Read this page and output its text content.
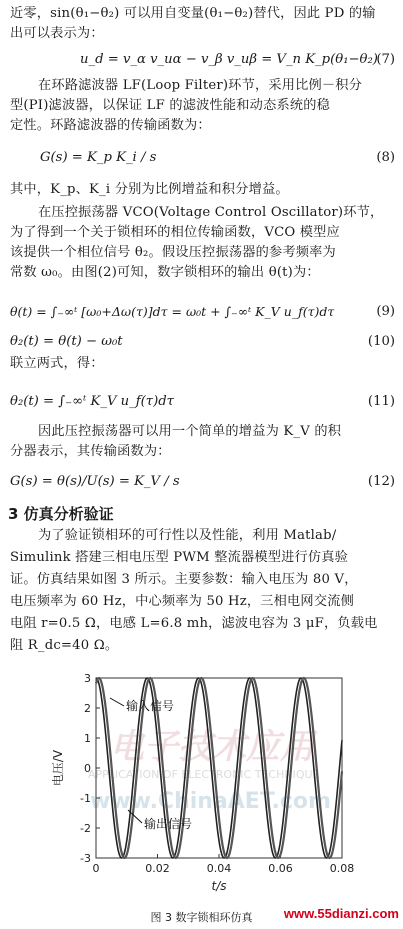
近零，sin(θ₁−θ₂) 可以用自变量(θ₁−θ₂)替代，因此 PD 的输
出可以表示为：
u_d = v_α v_uα − v_β v_uβ = V_n K_p(θ₁−θ₂)
(7)
在环路滤波器 LF(Loop Filter)环节，采用比例－积分
型(PI)滤波器，以保证 LF 的滤波性能和动态系统的稳
定性。环路滤波器的传输函数为：
G(s) = K_p K_i / s	(8)
其中，K_p、K_i 分别为比例增益和积分增益。
在压控振荡器 VCO(Voltage Control Oscillator)环节，
为了得到一个关于锁相环的相位传输函数，VCO 模型应
该提供一个相位信号 θ₂。假设压控振荡器的参考频率为
常数 ω₀。由图(2)可知，数字锁相环的输出 θ(t)为：
θ(t) = ∫₋∞ᵗ [ω₀+Δω(τ)]dτ = ω₀t + ∫₋∞ᵗ K_V u_f(τ)dτ	(9)
θ₂(t) = θ(t) − ω₀t	(10)
联立两式，得：
θ₂(t) = ∫₋∞ᵗ K_V u_f(τ)dτ	(11)
因此压控振荡器可以用一个简单的增益为 K_V 的积
分器表示，其传输函数为：
G(s) = θ(s)/U(s) = K_V / s	(12)
3 仿真分析验证
为了验证锁相环的可行性以及性能，利用 Matlab/
Simulink 搭建三相电压型 PWM 整流器模型进行仿真验
证。仿真结果如图 3 所示。主要参数：输入电压为 80 V，
电压频率为 60 Hz，中心频率为 50 Hz，三相电网交流侧
电阻 r=0.5 Ω，电感 L=6.8 mh，滤波电容为 3 μF，负载电
阻 R_dc=40 Ω。
电子技术应用
APPLICATION OF ELECTRONIC TECHNIQUE
www.ChinaAET.com
0	0.02	0.04	0.06	0.08
3
2
1
0
-1
-2
-3
输入信号
输出信号
电压/V
t/s
图 3 数字锁相环仿真	www.55dianzi.com
